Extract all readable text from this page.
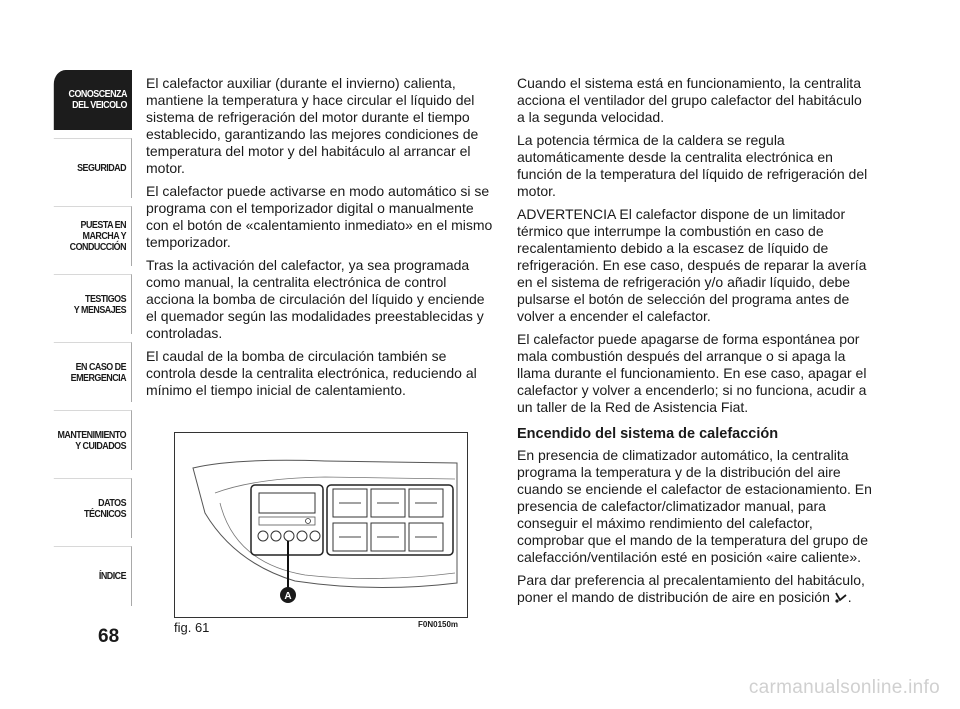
CONOSCENZA
DEL VEICOLO
SEGURIDAD
PUESTA EN
MARCHA Y
CONDUCCIÓN
TESTIGOS
Y MENSAJES
EN CASO DE
EMERGENCIA
MANTENIMIENTO
Y CUIDADOS
DATOS
TÉCNICOS
ÍNDICE
68

El calefactor auxiliar (durante el invierno) calienta, mantiene la temperatura y hace circular el líquido del sistema de refrigeración del motor durante el tiempo establecido, garantizando las mejores condiciones de temperatura del motor y del habitáculo al arrancar el motor.

El calefactor puede activarse en modo automático si se programa con el temporizador digital o manualmente con el botón de «calentamiento inmediato» en el mismo temporizador.

Tras la activación del calefactor, ya sea programada como manual, la centralita electrónica de control acciona la bomba de circulación del líquido y enciende el quemador según las modalidades preestablecidas y controladas.

El caudal de la bomba de circulación también se controla desde la centralita electrónica, reduciendo al mínimo el tiempo inicial de calentamiento.

Cuando el sistema está en funcionamiento, la centralita acciona el ventilador del grupo calefactor del habitáculo a la segunda velocidad.

La potencia térmica de la caldera se regula automáticamente desde la centralita electrónica en función de la temperatura del líquido de refrigeración del motor.

ADVERTENCIA El calefactor dispone de un limitador térmico que interrumpe la combustión en caso de recalentamiento debido a la escasez de líquido de refrigeración. En ese caso, después de reparar la avería en el sistema de refrigeración y/o añadir líquido, debe pulsarse el botón de selección del programa antes de volver a encender el calefactor.

El calefactor puede apagarse de forma espontánea por mala combustión después del arranque o si apaga la llama durante el funcionamiento. En ese caso, apagar el calefactor y volver a encenderlo; si no funciona, acudir a un taller de la Red de Asistencia Fiat.

Encendido del sistema de calefacción

En presencia de climatizador automático, la centralita programa la temperatura y de la distribución del aire cuando se enciende el calefactor de estacionamiento. En presencia de calefactor/climatizador manual, para conseguir el máximo rendimiento del calefactor, comprobar que el mando de la temperatura del grupo de calefacción/ventilación esté en posición «aire caliente».

Para dar preferencia al precalentamiento del habitáculo, poner el mando de distribución de aire en posición .

A
fig. 61	F0N0150m
carmanualsonline.info
